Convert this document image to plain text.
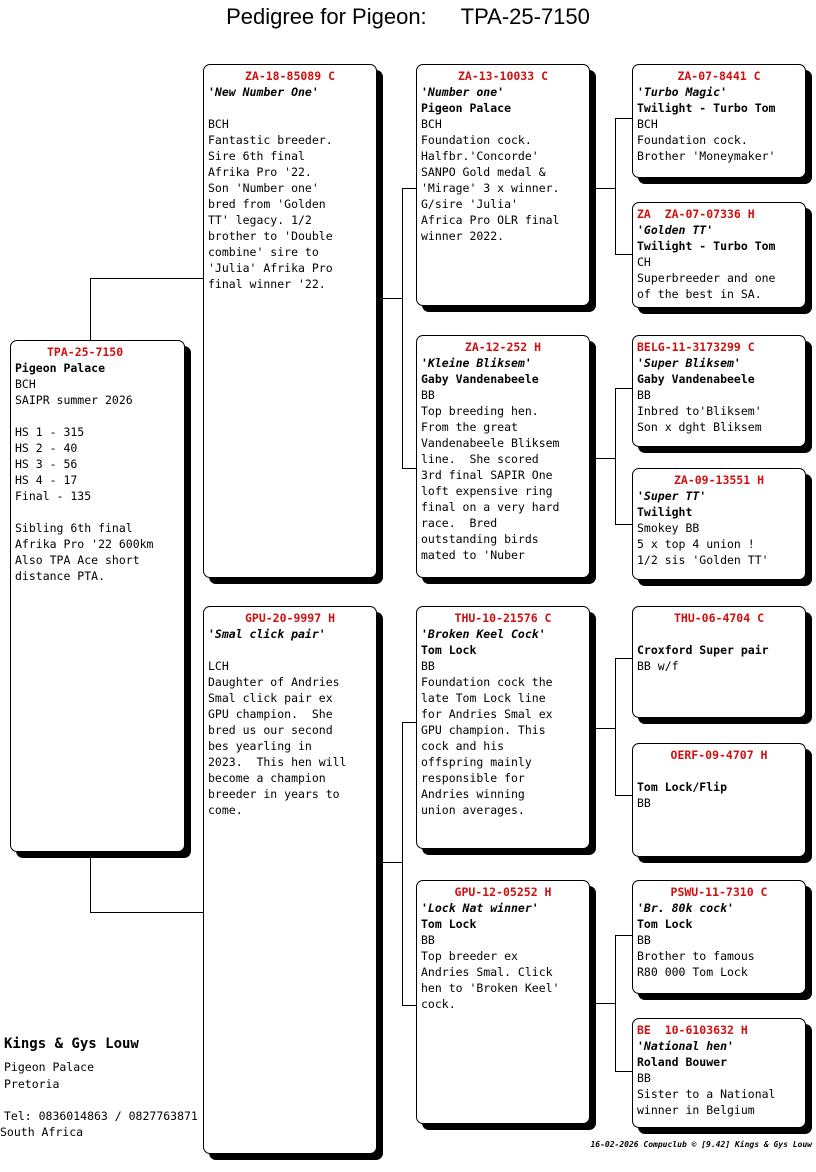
Pedigree for Pigeon: TPA-25-7150
TPA-25-7150
Pigeon Palace
BCH
SAIPR summer 2026

HS 1 - 315
HS 2 - 40
HS 3 - 56
HS 4 - 17
Final - 135

Sibling 6th final
Afrika Pro '22 600km
Also TPA Ace short
distance PTA.
ZA-18-85089 C
'New Number One'

BCH
Fantastic breeder.
Sire 6th final
Afrika Pro '22.
Son 'Number one'
bred from 'Golden
TT' legacy. 1/2
brother to 'Double
combine' sire to
'Julia' Afrika Pro
final winner '22.
GPU-20-9997 H
'Smal click pair'

LCH
Daughter of Andries
Smal click pair ex
GPU champion.  She
bred us our second
bes yearling in
2023.  This hen will
become a champion
breeder in years to
come.
ZA-13-10033 C
'Number one'
Pigeon Palace
BCH
Foundation cock.
Halfbr.'Concorde'
SANPO Gold medal &
'Mirage' 3 x winner.
G/sire 'Julia'
Africa Pro OLR final
winner 2022.
ZA-12-252 H
'Kleine Bliksem'
Gaby Vandenabeele
BB
Top breeding hen.
From the great
Vandenabeele Bliksem
line.  She scored
3rd final SAPIR One
loft expensive ring
final on a very hard
race.  Bred
outstanding birds
mated to 'Nuber
THU-10-21576 C
'Broken Keel Cock'
Tom Lock
BB
Foundation cock the
late Tom Lock line
for Andries Smal ex
GPU champion. This
cock and his
offspring mainly
responsible for
Andries winning
union averages.
GPU-12-05252 H
'Lock Nat winner'
Tom Lock
BB
Top breeder ex
Andries Smal. Click
hen to 'Broken Keel'
cock.
ZA-07-8441 C
'Turbo Magic'
Twilight - Turbo Tom
BCH
Foundation cock.
Brother 'Moneymaker'
ZA  ZA-07-07336 H
'Golden TT'
Twilight - Turbo Tom
CH
Superbreeder and one
of the best in SA.
BELG-11-3173299 C
'Super Bliksem'
Gaby Vandenabeele
BB
Inbred to'Bliksem'
Son x dght Bliksem
ZA-09-13551 H
'Super TT'
Twilight
Smokey BB
5 x top 4 union !
1/2 sis 'Golden TT'
THU-06-4704 C
Croxford Super pair
BB w/f
OERF-09-4707 H
Tom Lock/Flip
BB
PSWU-11-7310 C
'Br. 80k cock'
Tom Lock
BB
Brother to famous
R80 000 Tom Lock
BE  10-6103632 H
'National hen'
Roland Bouwer
BB
Sister to a National
winner in Belgium
Kings & Gys Louw
Pigeon Palace
Pretoria
Tel: 0836014863 / 0827763871
South Africa
16-02-2026 Compuclub © [9.42] Kings & Gys Louw
